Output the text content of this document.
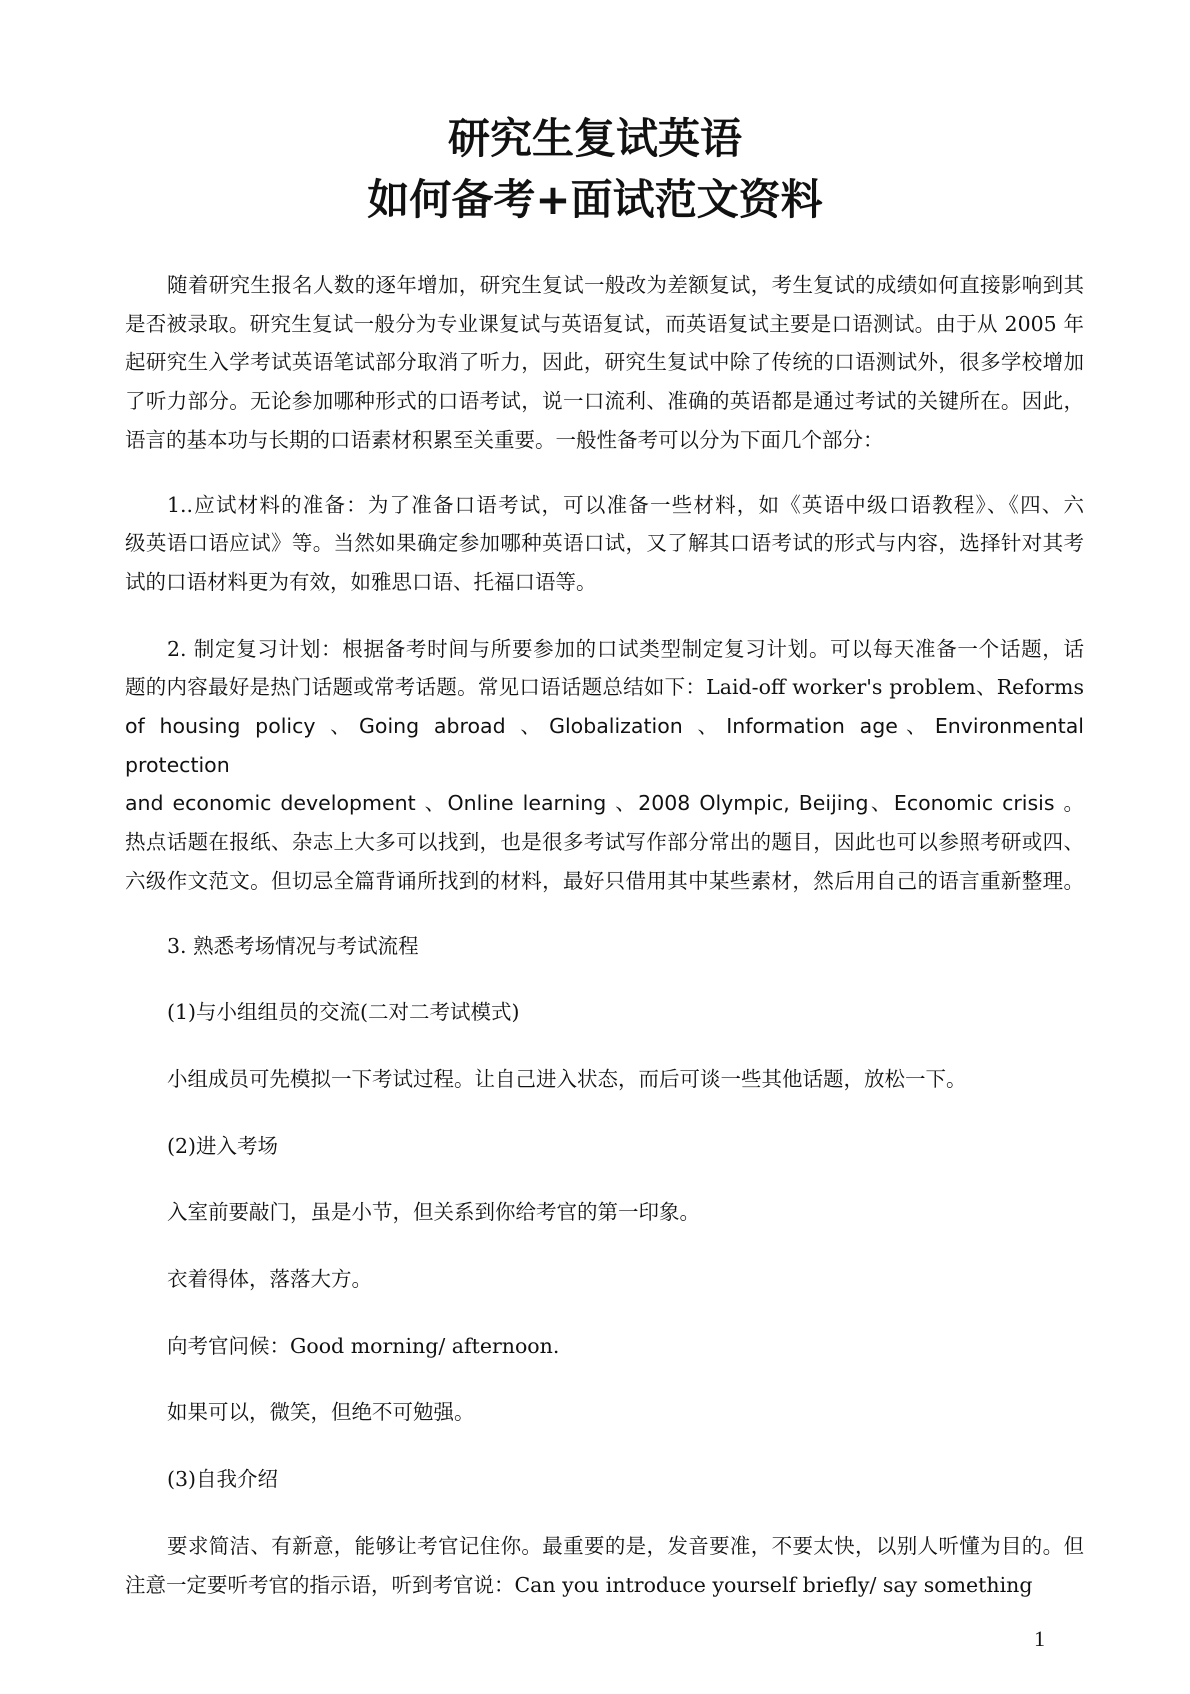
研究生复试英语
如何备考+面试范文资料
随着研究生报名人数的逐年增加，研究生复试一般改为差额复试，考生复试的成绩如何直接影响到其
是否被录取。研究生复试一般分为专业课复试与英语复试，而英语复试主要是口语测试。由于从 2005 年
起研究生入学考试英语笔试部分取消了听力，因此，研究生复试中除了传统的口语测试外，很多学校增加
了听力部分。无论参加哪种形式的口语考试，说一口流利、准确的英语都是通过考试的关键所在。因此，
语言的基本功与长期的口语素材积累至关重要。一般性备考可以分为下面几个部分：
1..应试材料的准备：为了准备口语考试，可以准备一些材料，如《英语中级口语教程》、《四、六
级英语口语应试》等。当然如果确定参加哪种英语口试，又了解其口语考试的形式与内容，选择针对其考
试的口语材料更为有效，如雅思口语、托福口语等。
2. 制定复习计划：根据备考时间与所要参加的口试类型制定复习计划。可以每天准备一个话题，话
题的内容最好是热门话题或常考话题。常见口语话题总结如下：Laid-off worker's problem、Reforms
of housing policy 、Going abroad 、Globalization 、Information age、Environmental protection
and economic development 、Online learning 、2008 Olympic, Beijing、Economic crisis 。
热点话题在报纸、杂志上大多可以找到，也是很多考试写作部分常出的题目，因此也可以参照考研或四、
六级作文范文。但切忌全篇背诵所找到的材料，最好只借用其中某些素材，然后用自己的语言重新整理。
3. 熟悉考场情况与考试流程
(1)与小组组员的交流(二对二考试模式)
小组成员可先模拟一下考试过程。让自己进入状态，而后可谈一些其他话题，放松一下。
(2)进入考场
入室前要敲门，虽是小节，但关系到你给考官的第一印象。
衣着得体，落落大方。
向考官问候：Good morning/ afternoon.
如果可以，微笑，但绝不可勉强。
(3)自我介绍
要求简洁、有新意，能够让考官记住你。最重要的是，发音要准，不要太快，以别人听懂为目的。但
注意一定要听考官的指示语，听到考官说：Can you introduce yourself briefly/ say something
1
